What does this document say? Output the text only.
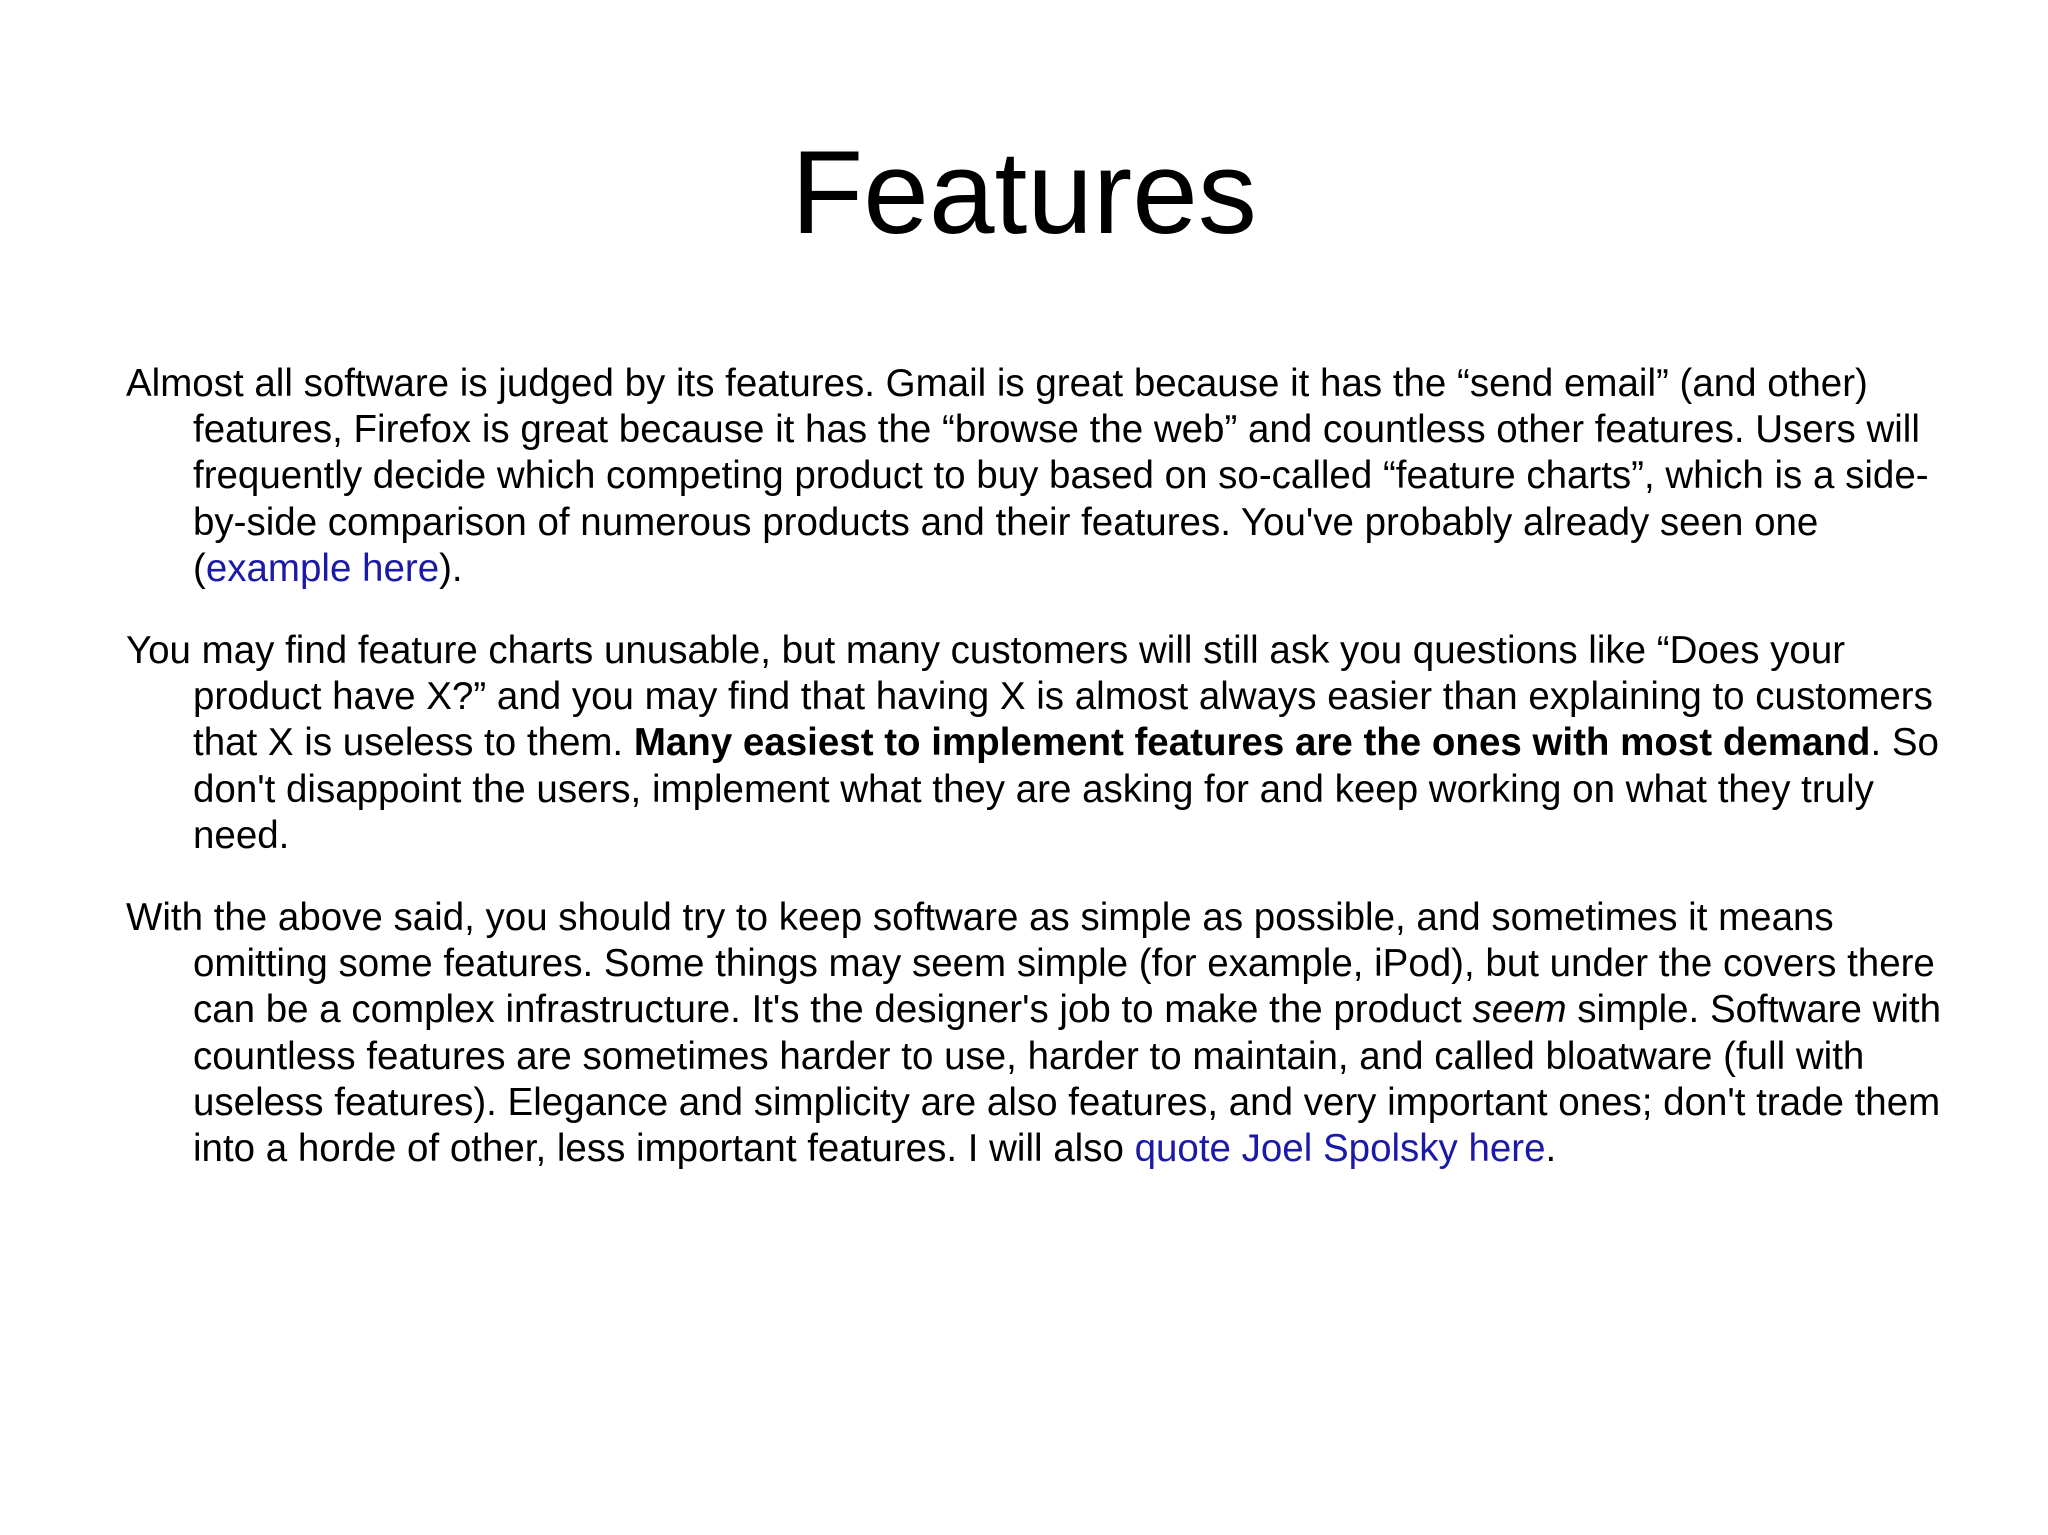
Features

Almost all software is judged by its features. Gmail is great because it has the “send email” (and other) features, Firefox is great because it has the “browse the web” and countless other features. Users will frequently decide which competing product to buy based on so-called “feature charts”, which is a side-by-side comparison of numerous products and their features. You've probably already seen one (example here).

You may find feature charts unusable, but many customers will still ask you questions like “Does your product have X?” and you may find that having X is almost always easier than explaining to customers that X is useless to them. Many easiest to implement features are the ones with most demand. So don't disappoint the users, implement what they are asking for and keep working on what they truly need.

With the above said, you should try to keep software as simple as possible, and sometimes it means omitting some features. Some things may seem simple (for example, iPod), but under the covers there can be a complex infrastructure. It's the designer's job to make the product seem simple. Software with countless features are sometimes harder to use, harder to maintain, and called bloatware (full with useless features). Elegance and simplicity are also features, and very important ones; don't trade them into a horde of other, less important features. I will also quote Joel Spolsky here.
